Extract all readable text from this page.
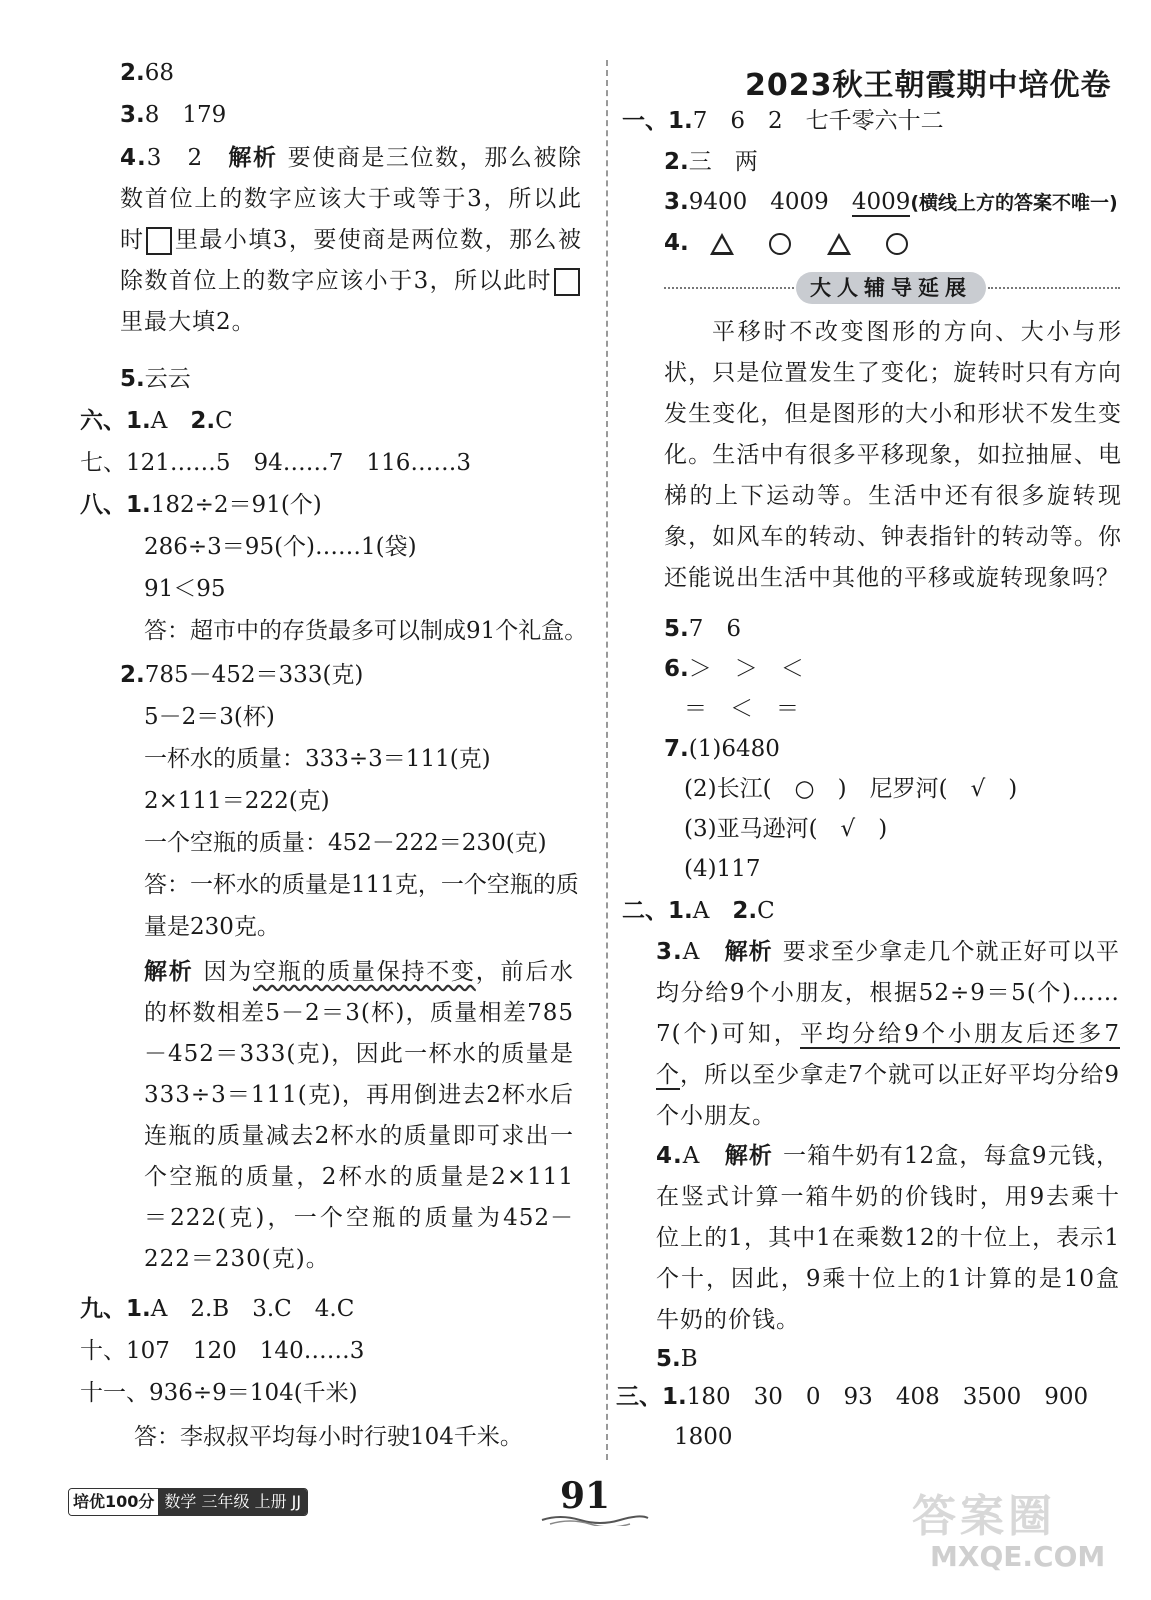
2.68
3.8　179
4.3　2　 解析 要使商是三位数，那么被除数首位上的数字应该大于或等于3，所以此时 里最小填3，要使商是两位数，那么被除数首位上的数字应该小于3，所以此时里最大填2。
5.云云
六、1.A　2.C
七、121……5　94……7　116……3
八、1.182÷2＝91(个)
286÷3＝95(个)……1(袋)
91＜95
答：超市中的存货最多可以制成91个礼盒。
2.785－452＝333(克)
5－2＝3(杯)
一杯水的质量：333÷3＝111(克)
2×111＝222(克)
一个空瓶的质量：452－222＝230(克)
答：一杯水的质量是111克，一个空瓶的质
量是230克。
解析 因为空瓶的质量保持不变，前后水的杯数相差5－2＝3(杯)，质量相差785－452＝333(克)，因此一杯水的质量是333÷3＝111(克)，再用倒进去2杯水后连瓶的质量减去2杯水的质量即可求出一个空瓶的质量，2杯水的质量是2×111＝222(克)，一个空瓶的质量为452－222＝230(克)。
九、1.A　2.B　3.C　4.C
十、107　120　140……3
十一、936÷9＝104(千米)
答：李叔叔平均每小时行驶104千米。
2023秋王朝霞期中培优卷
一、1.7　6　2　七千零六十二
2.三　两
3.9400　4009　4009(横线上方的答案不唯一)
4.
大人辅导延展
平移时不改变图形的方向、大小与形状，只是位置发生了变化；旋转时只有方向发生变化，但是图形的大小和形状不发生变化。生活中有很多平移现象，如拉抽屉、电梯的上下运动等。生活中还有很多旋转现象，如风车的转动、钟表指针的转动等。你还能说出生活中其他的平移或旋转现象吗？
5.7　6
6.＞　＞　＜
＝　＜　＝
7.(1)6480
(2)长江(　○　)　尼罗河(　√　)
(3)亚马逊河(　√　)
(4)117
二、1.A　2.C
3.A　 解析 要求至少拿走几个就正好可以平均分给9个小朋友，根据52÷9＝5(个)……7(个)可知，平均分给9个小朋友后还多7个，所以至少拿走7个就可以正好平均分给9个小朋友。
4.A　 解析 一箱牛奶有12盒，每盒9元钱，在竖式计算一箱牛奶的价钱时，用9去乘十位上的1，其中1在乘数12的十位上，表示1个十，因此，9乘十位上的1计算的是10盒牛奶的价钱。
5.B
三、1.180　30　0　93　408　3500　900
1800
培优100分 数学 三年级 上册 JJ	91	答案圈
MXQE.COM
